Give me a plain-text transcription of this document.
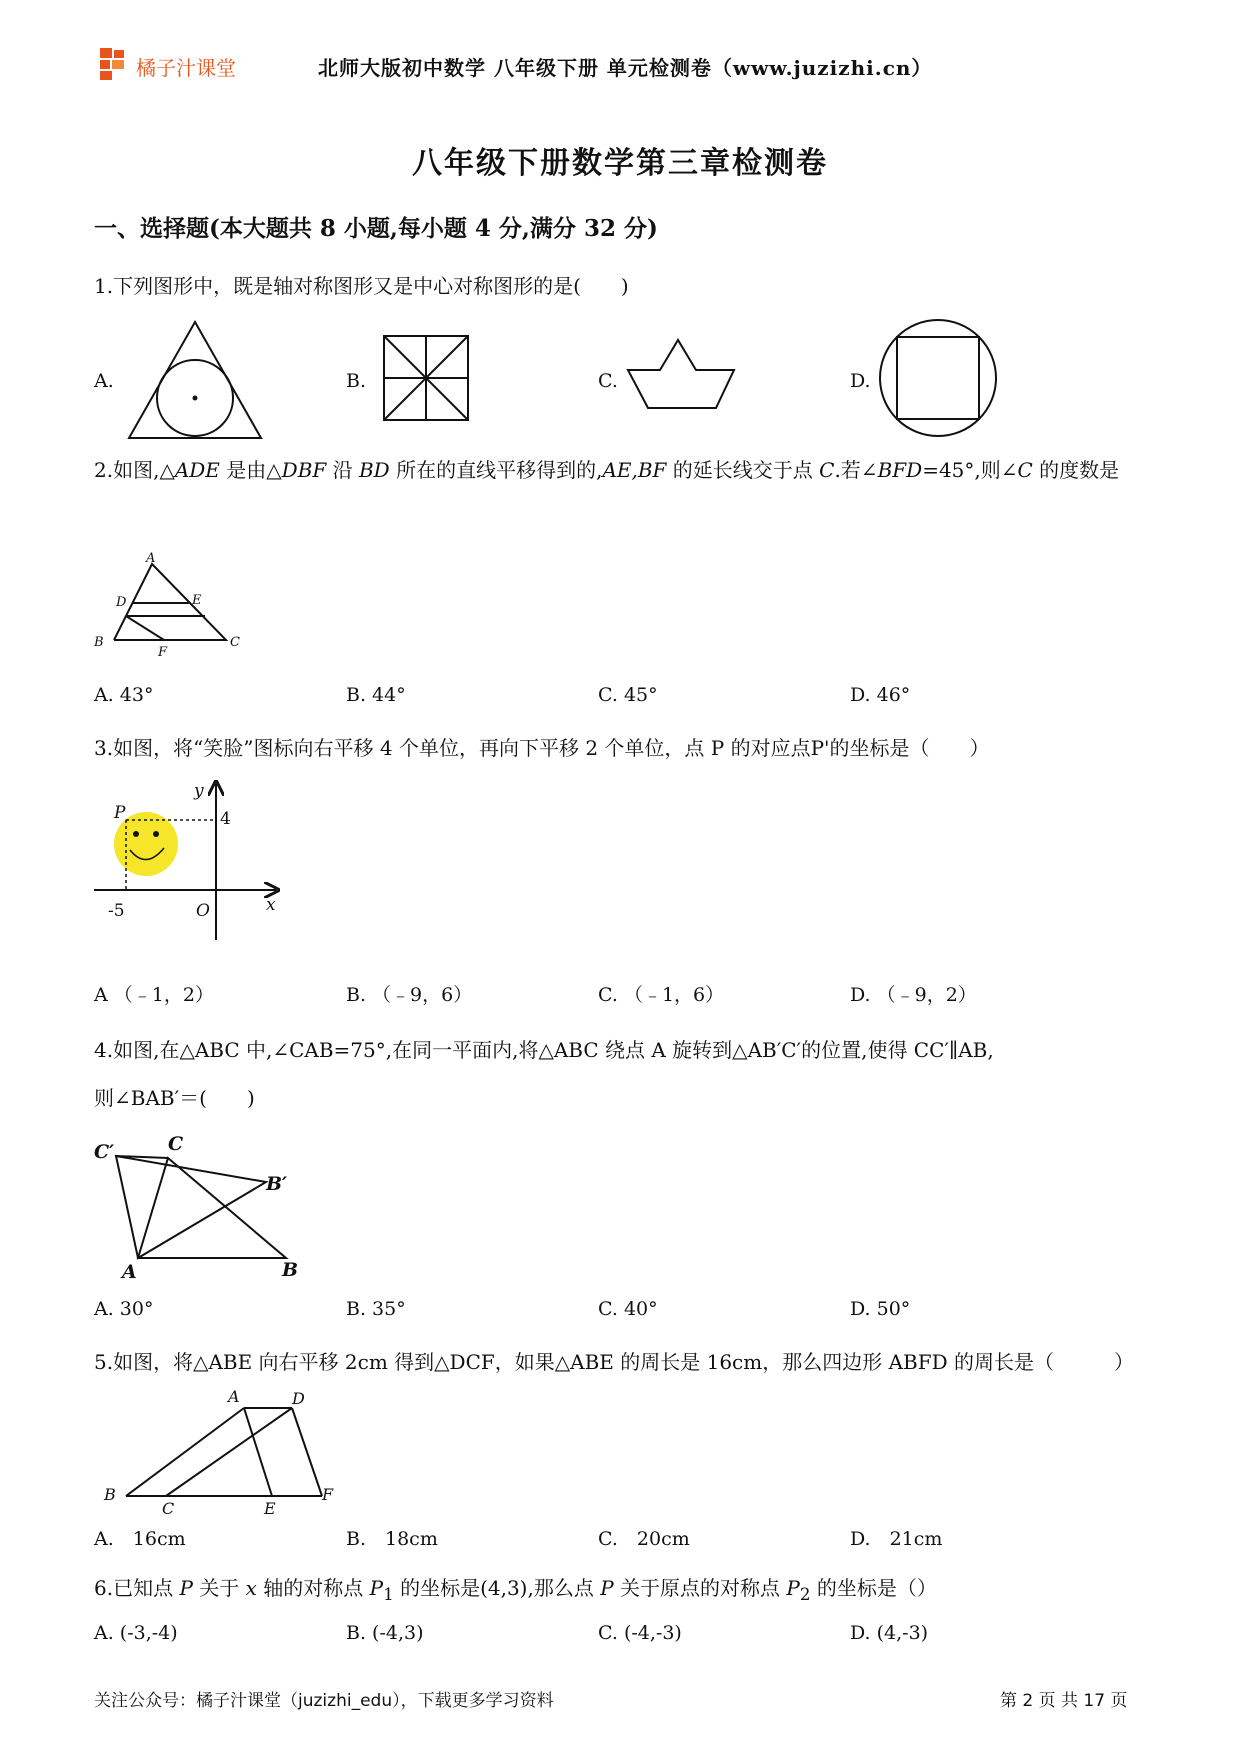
橘子汁课堂	北师大版初中数学 八年级下册 单元检测卷（www.juzizhi.cn）
八年级下册数学第三章检测卷
一、选择题(本大题共 8 小题,每小题 4 分,满分 32 分)
1.下列图形中，既是轴对称图形又是中心对称图形的是(　　)
A.	B.	C.	D.
2.如图,△ADE 是由△DBF 沿 BD 所在的直线平移得到的,AE,BF 的延长线交于点 C.若∠BFD=45°,则∠C 的度数是
A
D	E
B
F
C
A. 43°	B. 44°	C. 45°	D. 46°
3.如图，将“笑脸”图标向右平移 4 个单位，再向下平移 2 个单位，点 P 的对应点P'的坐标是（　　）
y
P	4
-5	O	x
A （﹣1，2）	B. （﹣9，6）	C. （﹣1，6）	D. （﹣9，2）
4.如图,在△ABC 中,∠CAB=75°,在同一平面内,将△ABC 绕点 A 旋转到△AB′C′的位置,使得 CC′∥AB,
则∠BAB′＝(　　)
C′	C
B′
A	B
A. 30°	B. 35°	C. 40°	D. 50°
5.如图，将△ABE 向右平移 2cm 得到△DCF，如果△ABE 的周长是 16cm，那么四边形 ABFD 的周长是（　　　）
A	D
B
C	E
F
A.　16cm	B.　18cm	C.　20cm	D.　21cm
6.已知点 P 关于 x 轴的对称点 $P_1$ 的坐标是(4,3),那么点 P 关于原点的对称点 $P_2$ 的坐标是（）
A. (-3,-4)	B. (-4,3)	C. (-4,-3)	D. (4,-3)
关注公众号：橘子汁课堂（juzizhi_edu），下载更多学习资料	第 2 页 共 17 页
